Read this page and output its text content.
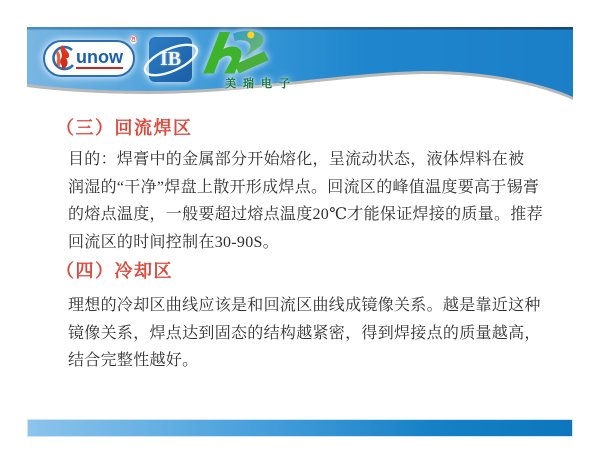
unow
®
IB
美瑞电子
（三）回流焊区
目的：焊膏中的金属部分开始熔化，呈流动状态，液体焊料在被
润湿的“干净”焊盘上散开形成焊点。回流区的峰值温度要高于锡膏
的熔点温度，一般要超过熔点温度20℃才能保证焊接的质量。推荐
回流区的时间控制在30-90S。
（四）冷却区
理想的冷却区曲线应该是和回流区曲线成镜像关系。越是靠近这种
镜像关系，焊点达到固态的结构越紧密，得到焊接点的质量越高，
结合完整性越好。
